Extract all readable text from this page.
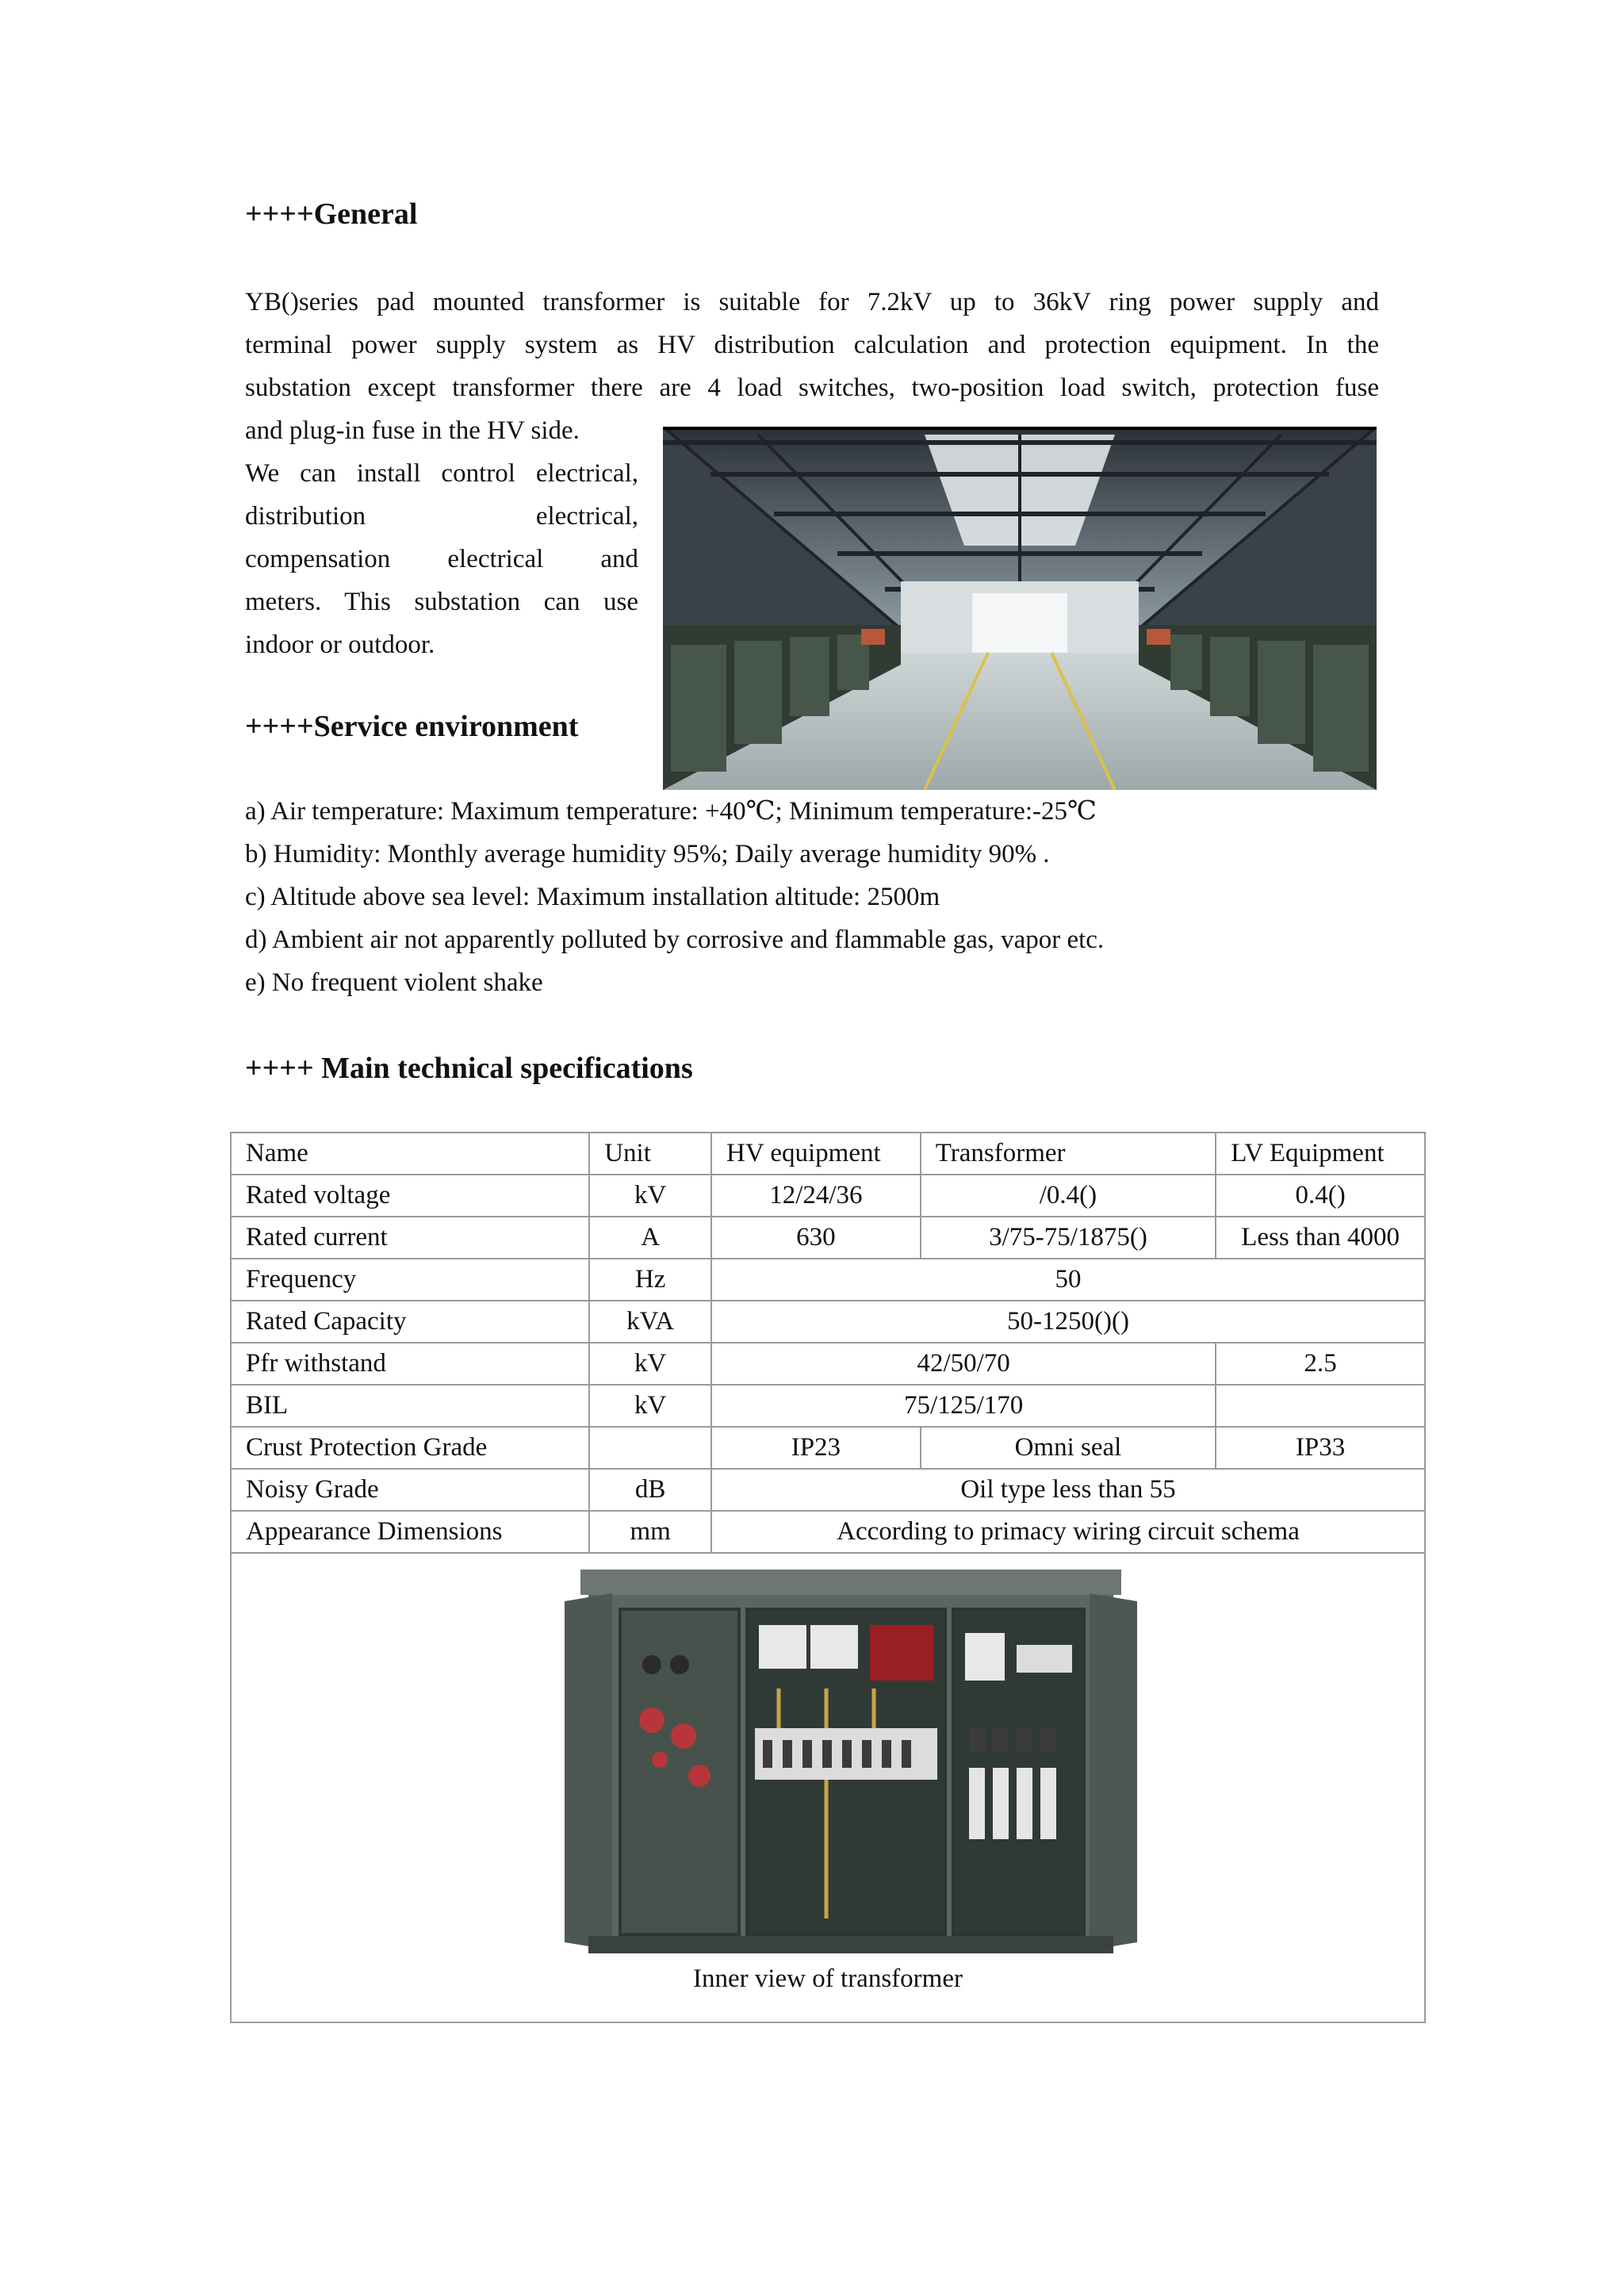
++++General
YB()series pad mounted transformer is suitable for 7.2kV up to 36kV ring power supply and
terminal power supply system as HV distribution calculation and protection equipment. In the
substation except transformer there are 4 load switches, two-position load switch, protection fuse
and plug-in fuse in the HV side.
We can install control electrical,
distribution electrical,
compensation electrical and
meters. This substation can use
indoor or outdoor.
++++Service environment
a) Air temperature: Maximum temperature: +40℃; Minimum temperature:-25℃
b) Humidity: Monthly average humidity 95%; Daily average humidity 90% .
c) Altitude above sea level: Maximum installation altitude: 2500m
d) Ambient air not apparently polluted by corrosive and flammable gas, vapor etc.
e) No frequent violent shake
++++ Main technical specifications
Name	Unit	HV equipment	Transformer	LV Equipment
Rated voltage	kV	12/24/36	/0.4()	0.4()
Rated current	A	630	3/75-75/1875()	Less than 4000
Frequency	Hz	50		
Rated Capacity	kVA	50-1250()()		
Pfr withstand	kV	42/50/70		2.5
BIL	kV	75/125/170		
Crust Protection Grade		IP23	Omni seal	IP33
Noisy Grade	dB	Oil type less than 55		
Appearance Dimensions	mm	According to primacy wiring circuit schema		

Inner view of transformer				
